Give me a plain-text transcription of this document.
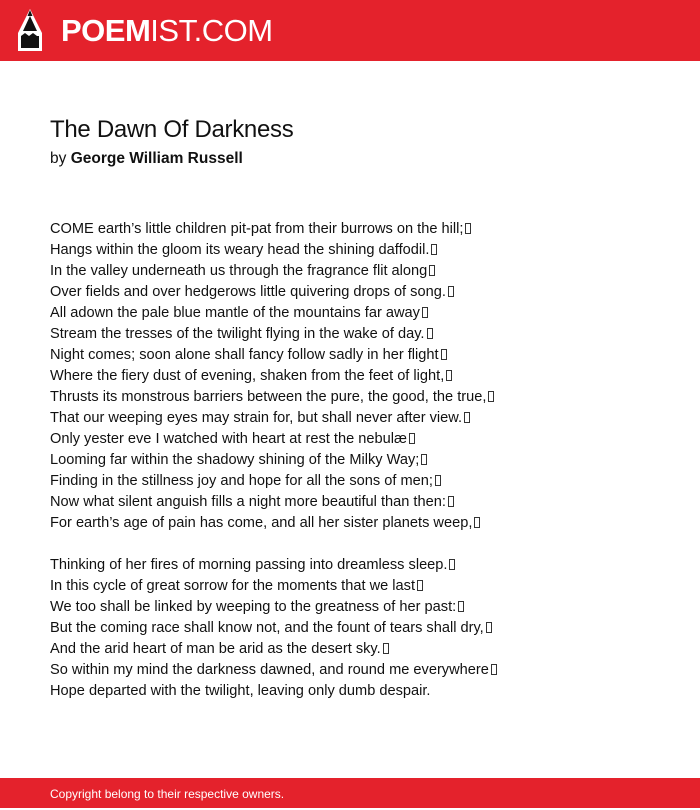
POEMIST.COM
The Dawn Of Darkness
by George William Russell
COME earth’s little children pit-pat from their burrows on the hill;
Hangs within the gloom its weary head the shining daffodil.
In the valley underneath us through the fragrance flit along
Over fields and over hedgerows little quivering drops of song.
All adown the pale blue mantle of the mountains far away
Stream the tresses of the twilight flying in the wake of day.
Night comes; soon alone shall fancy follow sadly in her flight
Where the fiery dust of evening, shaken from the feet of light,
Thrusts its monstrous barriers between the pure, the good, the true,
That our weeping eyes may strain for, but shall never after view.
Only yester eve I watched with heart at rest the nebulæ
Looming far within the shadowy shining of the Milky Way;
Finding in the stillness joy and hope for all the sons of men;
Now what silent anguish fills a night more beautiful than then:
For earth’s age of pain has come, and all her sister planets weep,
Thinking of her fires of morning passing into dreamless sleep.
In this cycle of great sorrow for the moments that we last
We too shall be linked by weeping to the greatness of her past:
But the coming race shall know not, and the fount of tears shall dry,
And the arid heart of man be arid as the desert sky.
So within my mind the darkness dawned, and round me everywhere
Hope departed with the twilight, leaving only dumb despair.
Copyright belong to their respective owners.
